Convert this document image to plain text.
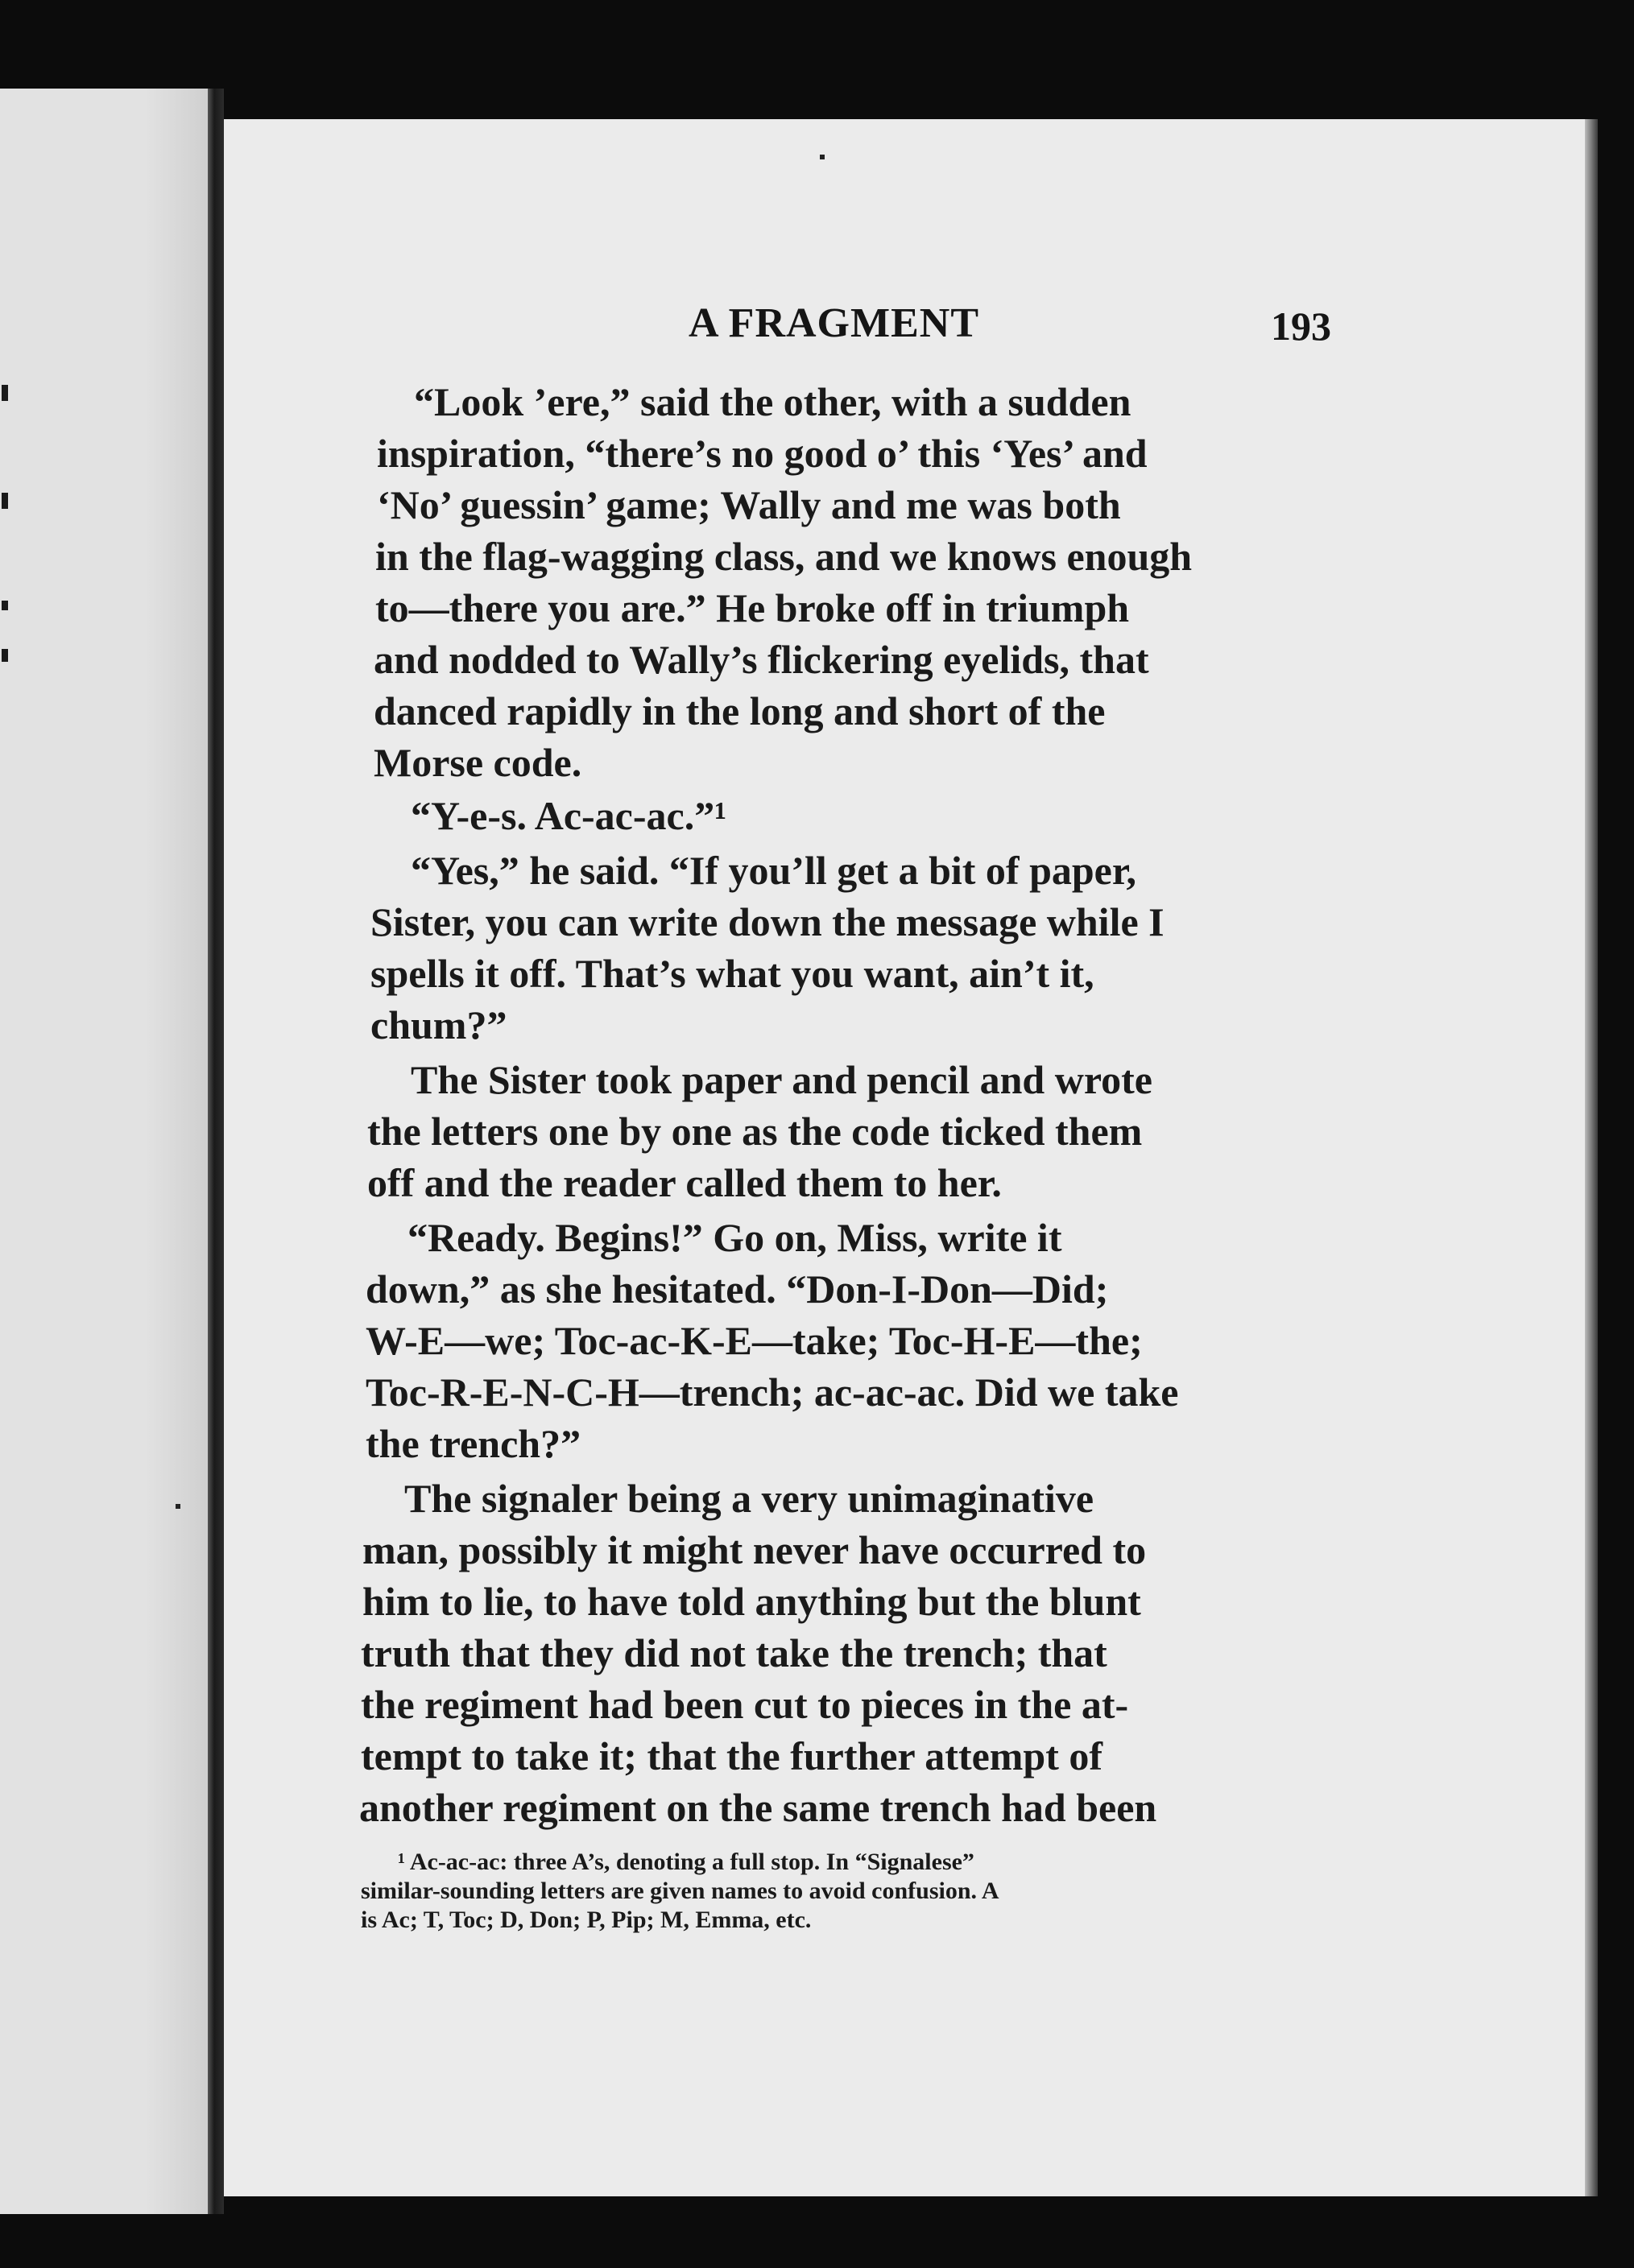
A FRAGMENT	193
“Look ’ere,” said the other, with a sudden
inspiration, “there’s no good o’ this ‘Yes’ and
‘No’ guessin’ game; Wally and me was both
in the flag-wagging class, and we knows enough
to—there you are.” He broke off in triumph
and nodded to Wally’s flickering eyelids, that
danced rapidly in the long and short of the
Morse code.
“Y-e-s. Ac-ac-ac.”¹
“Yes,” he said. “If you’ll get a bit of paper,
Sister, you can write down the message while I
spells it off. That’s what you want, ain’t it,
chum?”
The Sister took paper and pencil and wrote
the letters one by one as the code ticked them
off and the reader called them to her.
“Ready. Begins!” Go on, Miss, write it
down,” as she hesitated. “Don-I-Don—Did;
W-E—we; Toc-ac-K-E—take; Toc-H-E—the;
Toc-R-E-N-C-H—trench; ac-ac-ac. Did we take
the trench?”
The signaler being a very unimaginative
man, possibly it might never have occurred to
him to lie, to have told anything but the blunt
truth that they did not take the trench; that
the regiment had been cut to pieces in the at-
tempt to take it; that the further attempt of
another regiment on the same trench had been
¹ Ac-ac-ac: three A’s, denoting a full stop. In “Signalese”
similar-sounding letters are given names to avoid confusion. A
is Ac; T, Toc; D, Don; P, Pip; M, Emma, etc.
